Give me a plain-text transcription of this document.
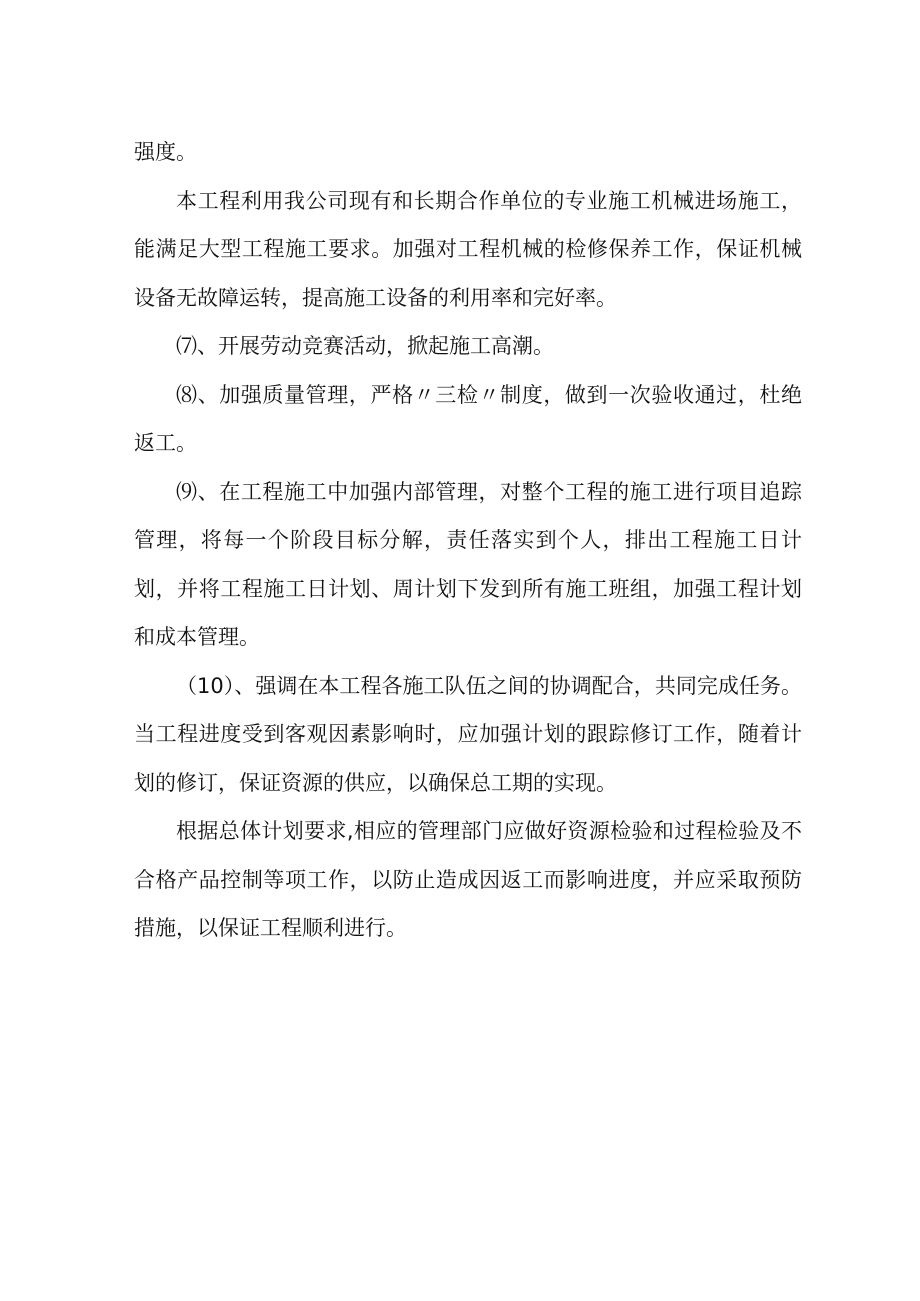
强度。

本工程利用我公司现有和长期合作单位的专业施工机械进场施工，能满足大型工程施工要求。加强对工程机械的检修保养工作，保证机械设备无故障运转，提高施工设备的利用率和完好率。

⑺、开展劳动竞赛活动，掀起施工高潮。

⑻、加强质量管理，严格〃三检〃制度，做到一次验收通过，杜绝返工。

⑼、在工程施工中加强内部管理，对整个工程的施工进行项目追踪管理，将每一个阶段目标分解，责任落实到个人，排出工程施工日计划，并将工程施工日计划、周计划下发到所有施工班组，加强工程计划和成本管理。

（10）、强调在本工程各施工队伍之间的协调配合，共同完成任务。当工程进度受到客观因素影响时，应加强计划的跟踪修订工作，随着计划的修订，保证资源的供应，以确保总工期的实现。

根据总体计划要求,相应的管理部门应做好资源检验和过程检验及不合格产品控制等项工作，以防止造成因返工而影响进度，并应采取预防措施，以保证工程顺利进行。
